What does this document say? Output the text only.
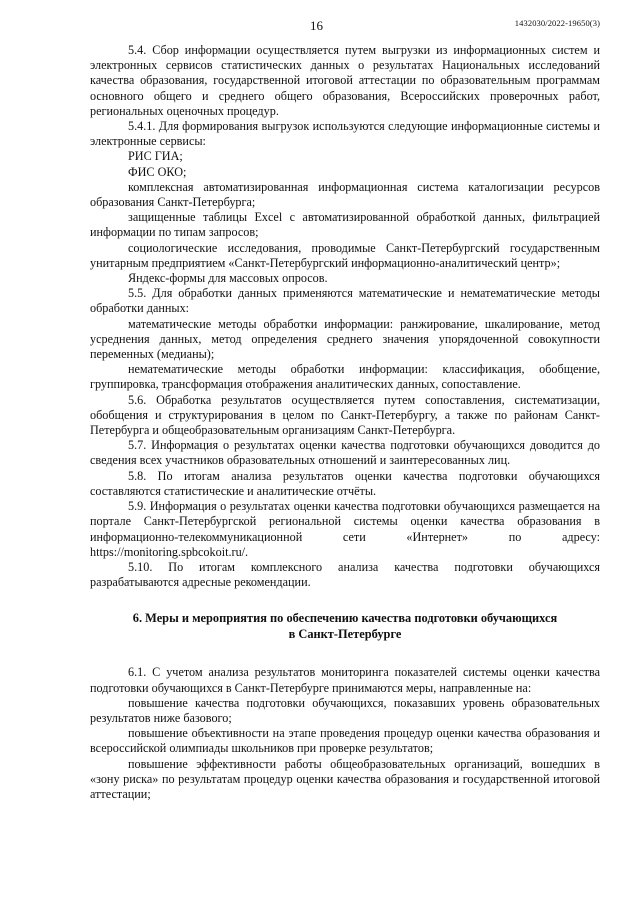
16	1432030/2022-19650(3)

5.4. Сбор информации осуществляется путем выгрузки из информационных систем и электронных сервисов статистических данных о результатах Национальных исследований качества образования, государственной итоговой аттестации по образовательным программам основного общего и среднего общего образования, Всероссийских проверочных работ, региональных оценочных процедур.

5.4.1. Для формирования выгрузок используются следующие информационные системы и электронные сервисы:

РИС ГИА;

ФИС ОКО;

комплексная автоматизированная информационная система каталогизации ресурсов образования Санкт-Петербурга;

защищенные таблицы Excel с автоматизированной обработкой данных, фильтрацией информации по типам запросов;

социологические исследования, проводимые Санкт-Петербургский государственным унитарным предприятием «Санкт-Петербургский информационно-аналитический центр»;

Яндекс-формы для массовых опросов.

5.5. Для обработки данных применяются математические и нематематические методы обработки данных:

математические методы обработки информации: ранжирование, шкалирование, метод усреднения данных, метод определения среднего значения упорядоченной совокупности переменных (медианы);

нематематические методы обработки информации: классификация, обобщение, группировка, трансформация отображения аналитических данных, сопоставление.

5.6. Обработка результатов осуществляется путем сопоставления, систематизации, обобщения и структурирования в целом по Санкт-Петербургу, а также по районам Санкт-Петербурга и общеобразовательным организациям Санкт-Петербурга.

5.7. Информация о результатах оценки качества подготовки обучающихся доводится до сведения всех участников образовательных отношений и заинтересованных лиц.

5.8. По итогам анализа результатов оценки качества подготовки обучающихся составляются статистические и аналитические отчёты.

5.9. Информация о результатах оценки качества подготовки обучающихся размещается на портале Санкт-Петербургской региональной системы оценки качества образования в информационно-телекоммуникационной сети «Интернет» по адресу: https://monitoring.spbcokoit.ru/.

5.10. По итогам комплексного анализа качества подготовки обучающихся разрабатываются адресные рекомендации.

6. Меры и мероприятия по обеспечению качества подготовки обучающихся
в Санкт-Петербурге

6.1. С учетом анализа результатов мониторинга показателей системы оценки качества подготовки обучающихся в Санкт-Петербурге принимаются меры, направленные на:

повышение качества подготовки обучающихся, показавших уровень образовательных результатов ниже базового;

повышение объективности на этапе проведения процедур оценки качества образования и всероссийской олимпиады школьников при проверке результатов;

повышение эффективности работы общеобразовательных организаций, вошедших в «зону риска» по результатам процедур оценки качества образования и государственной итоговой аттестации;
